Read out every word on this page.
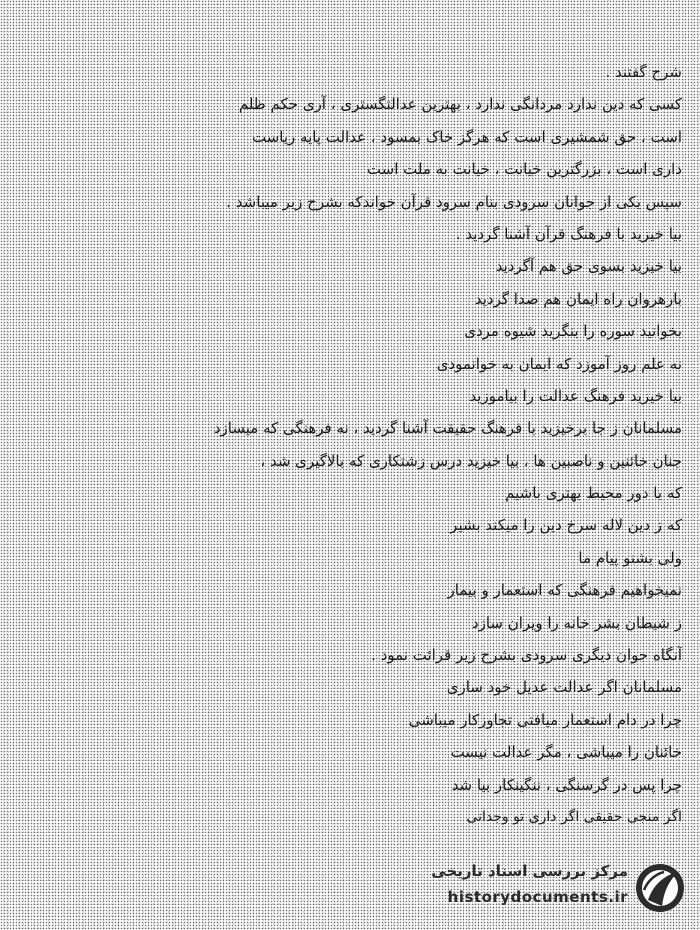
شرح گفتند .
کسی که دین ندارد مردانگی ندارد ، بهترین عدالتگستری ، آری حکم ظلم
است ، حق شمشیری است که هرگز خاک بمسود ، عدالت پایه ریاست
داری است ، بزرگترین خیانت ، خیانت به ملت است
سپس یکی از جوانان سرودی بنام سرود قرآن خواندکه بشرح زیر میباشد .
بیا خیزید با فرهنگ قرآن آشنا گردید .
بیا خیزید بسوی حق هم آگردید
بارهروان راه ایمان هم صدا گردید
بخوانید سوره را بنگرید شیوه مردی
نه علم روز آموزد که ایمان به خوانمودی
بیا خیزید فرهنگ عدالت را بیاموزید
مسلمانان ز جا برخیزید با فرهنگ حقیقت آشنا گردید ، نه فرهنگی که میسازد
جنان خائنین و ناصبین ها ، بیا خیزید درس زشتکاری که بالاگیری شد ،
که با دور محیط بهتری باشیم
که ز دین لاله سرخ دین را میکند بشیر
ولی بشنو پیام ما
نمیخواهیم فرهنگی که استعمار و بیمار
ز شیطان بشر خانه را ویران سازد
آنگاه جوان دیگری سرودی بشرح زیر قرائت نمود .
مسلمانان اگر عدالت عدیل خود سازی
چرا در دام استعمار میافتی تجاوزکار میباشی
خائنان را میباشی ، مگر عدالت نیست
چرا پس در گرسنگی ، ننگینکار بیا شد
اگر منجی حقیقی اگر داری تو وجدانی
مرکز بررسی اسناد تاریخی
historydocuments.ir
